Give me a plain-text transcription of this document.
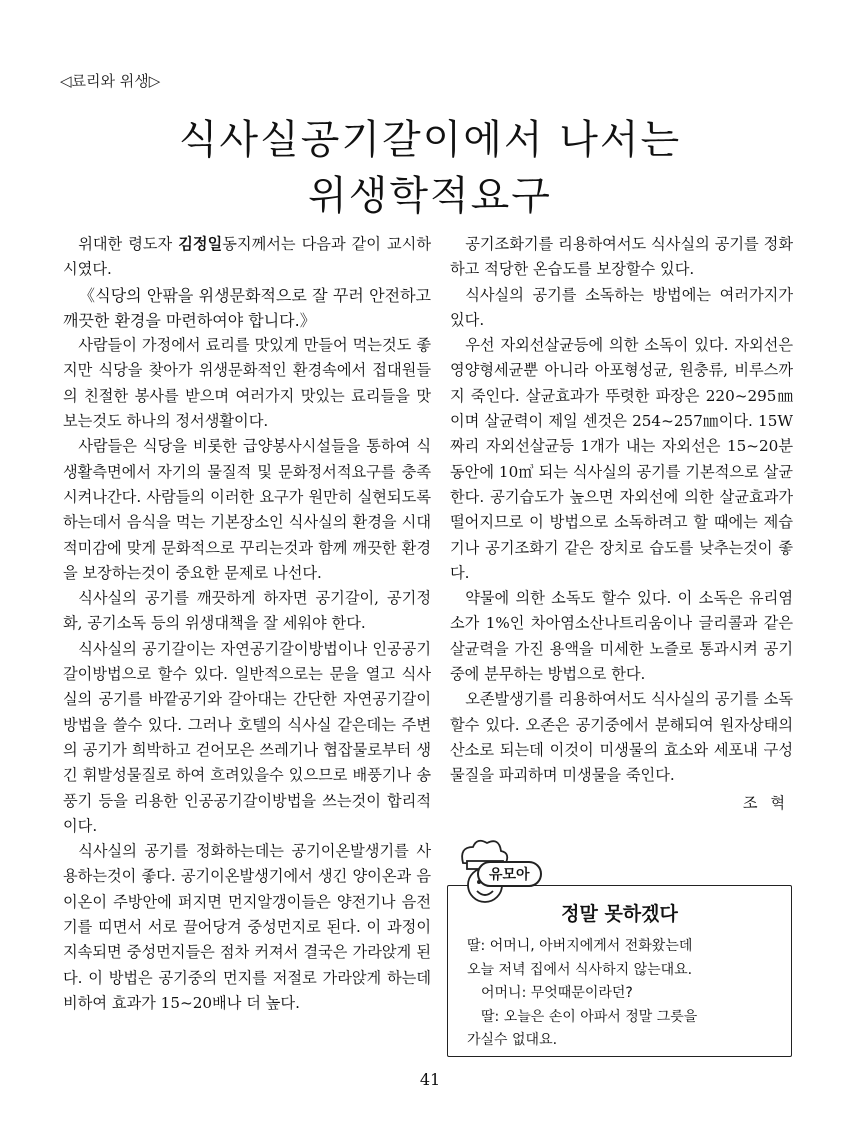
◁료리와 위생▷
식사실공기갈이에서 나서는
위생학적요구

위대한 령도자 김정일동지께서는 다음과 같이 교시하시였다.

《식당의 안팎을 위생문화적으로 잘 꾸러 안전하고 깨끗한 환경을 마련하여야 합니다.》

사람들이 가정에서 료리를 맛있게 만들어 먹는것도 좋지만 식당을 찾아가 위생문화적인 환경속에서 접대원들의 친절한 봉사를 받으며 여러가지 맛있는 료리들을 맛보는것도 하나의 정서생활이다.

사람들은 식당을 비롯한 급양봉사시설들을 통하여 식생활측면에서 자기의 물질적 및 문화정서적요구를 충족시켜나간다. 사람들의 이러한 요구가 원만히 실현되도록 하는데서 음식을 먹는 기본장소인 식사실의 환경을 시대적미감에 맞게 문화적으로 꾸리는것과 함께 깨끗한 환경을 보장하는것이 중요한 문제로 나선다.

식사실의 공기를 깨끗하게 하자면 공기갈이, 공기정화, 공기소독 등의 위생대책을 잘 세워야 한다.

식사실의 공기갈이는 자연공기갈이방법이나 인공공기갈이방법으로 할수 있다. 일반적으로는 문을 열고 식사실의 공기를 바깥공기와 갈아대는 간단한 자연공기갈이방법을 쓸수 있다. 그러나 호텔의 식사실 같은데는 주변의 공기가 희박하고 걷어모은 쓰레기나 협잡물로부터 생긴 휘발성물질로 하여 흐려있을수 있으므로 배풍기나 송풍기 등을 리용한 인공공기갈이방법을 쓰는것이 합리적이다.

식사실의 공기를 정화하는데는 공기이온발생기를 사용하는것이 좋다. 공기이온발생기에서 생긴 양이온과 음이온이 주방안에 퍼지면 먼지알갱이들은 양전기나 음전기를 띠면서 서로 끌어당겨 중성먼지로 된다. 이 과정이 지속되면 중성먼지들은 점차 커져서 결국은 가라앉게 된다. 이 방법은 공기중의 먼지를 저절로 가라앉게 하는데 비하여 효과가 15~20배나 더 높다.

공기조화기를 리용하여서도 식사실의 공기를 정화하고 적당한 온습도를 보장할수 있다.

식사실의 공기를 소독하는 방법에는 여러가지가 있다.

우선 자외선살균등에 의한 소독이 있다. 자외선은 영양형세균뿐 아니라 아포형성균, 원충류, 비루스까지 죽인다. 살균효과가 뚜렷한 파장은 220~295㎚이며 살균력이 제일 센것은 254~257㎚이다. 15W짜리 자외선살균등 1개가 내는 자외선은 15~20분동안에 10㎥ 되는 식사실의 공기를 기본적으로 살균한다. 공기습도가 높으면 자외선에 의한 살균효과가 떨어지므로 이 방법으로 소독하려고 할 때에는 제습기나 공기조화기 같은 장치로 습도를 낮추는것이 좋다.

약물에 의한 소독도 할수 있다. 이 소독은 유리염소가 1%인 차아염소산나트리움이나 글리콜과 같은 살균력을 가진 용액을 미세한 노즐로 통과시켜 공기중에 분무하는 방법으로 한다.

오존발생기를 리용하여서도 식사실의 공기를 소독할수 있다. 오존은 공기중에서 분해되여 원자상태의 산소로 되는데 이것이 미생물의 효소와 세포내 구성물질을 파괴하며 미생물을 죽인다.

조 혁
유모아
정말 못하겠다
딸: 어머니, 아버지에게서 전화왔는데
오늘 저녁 집에서 식사하지 않는대요.
어머니: 무엇때문이라던?
딸: 오늘은 손이 아파서 정말 그릇을
가실수 없대요.
41
